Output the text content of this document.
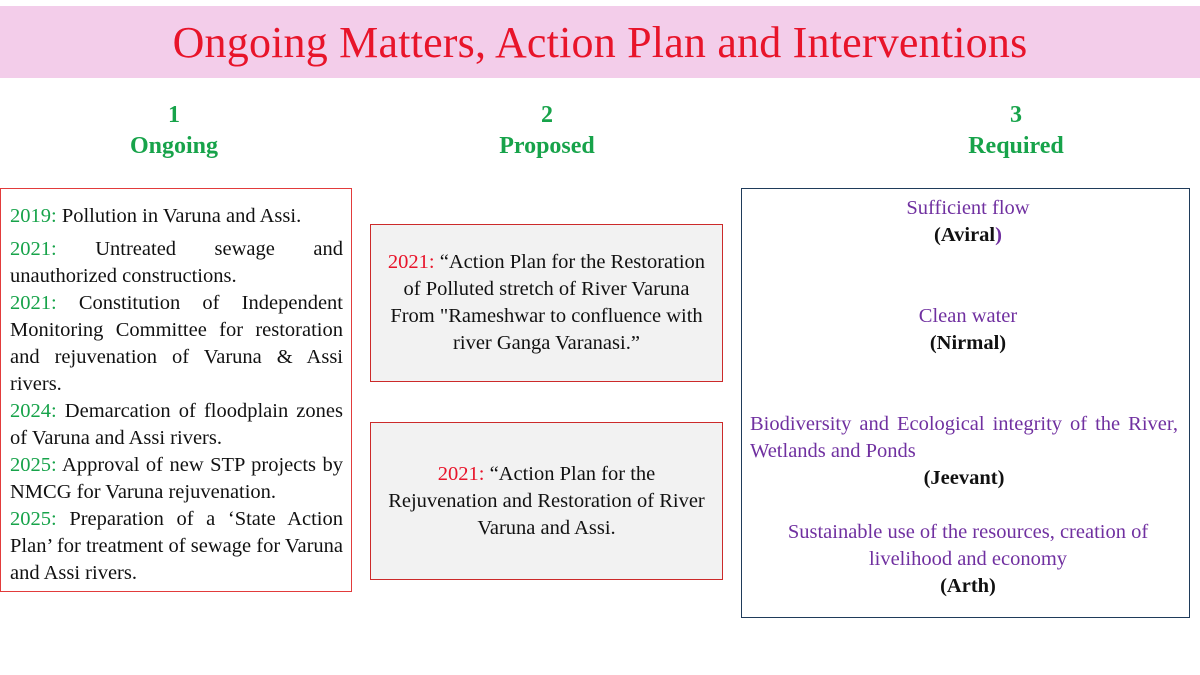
Ongoing Matters, Action Plan and Interventions
1
Ongoing
2
Proposed
3
Required

2019: Pollution in Varuna and Assi.

2021: Untreated sewage and unauthorized constructions.

2021: Constitution of Independent Monitoring Committee for restoration and rejuvenation of Varuna & Assi rivers.

2024: Demarcation of floodplain zones of Varuna and Assi rivers.

2025: Approval of new STP projects by NMCG for Varuna rejuvenation.

2025: Preparation of a ‘State Action Plan’ for treatment of sewage for Varuna and Assi rivers.

2021: “Action Plan for the Restoration of Polluted stretch of River Varuna From "Rameshwar to confluence with river Ganga Varanasi.”
2021: “Action Plan for the Rejuvenation and Restoration of River Varuna and Assi.
Sufficient flow
(Aviral)
Clean water
(Nirmal)
Biodiversity and Ecological integrity of the River, Wetlands and Ponds
(Jeevant)
Sustainable use of the resources, creation of livelihood and economy
(Arth)
